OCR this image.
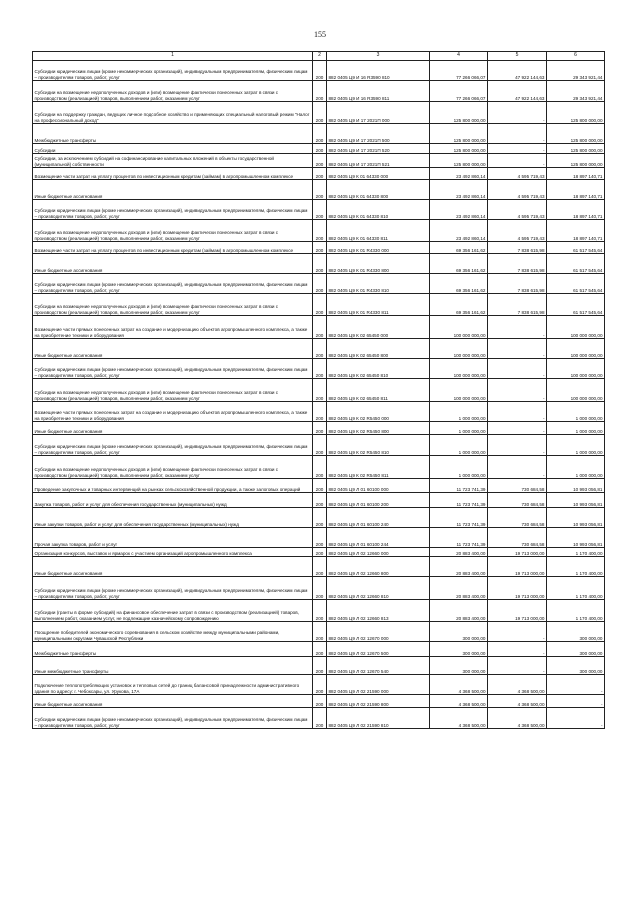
155
1	2	3	4	5	6
Субсидии юридическим лицам (кроме некоммерческих организаций), индивидуальным предпринимателям, физическим лицам – производителям товаров, работ, услуг	200	882 0405 Ц9 И 16 R3590 810	77 266 066,07	47 922 144,63	29 343 921,44
Субсидии на возмещение недополученных доходов и (или) возмещение фактически понесенных затрат в связи с производством (реализацией) товаров, выполнением работ, оказанием услуг	200	882 0405 Ц9 И 16 R3590 811	77 266 066,07	47 922 144,63	29 343 921,44
Субсидии на поддержку граждан, ведущих личное подсобное хозяйство и применяющих специальный налоговый режим "Налог на профессиональный доход"	200	882 0405 Ц9 И 17 2021П 000	125 800 000,00	-	125 800 000,00
Межбюджетные трансферты	200	882 0405 Ц9 И 17 2021П 500	125 800 000,00	-	125 800 000,00
Субсидии	200	882 0405 Ц9 И 17 2021П 520	125 800 000,00	-	125 800 000,00
Субсидии, за исключением субсидий на софинансирование капитальных вложений в объекты государственной (муниципальной) собственности	200	882 0405 Ц9 И 17 2021П 521	125 800 000,00	-	125 800 000,00
Возмещение части затрат на уплату процентов по инвестиционным кредитам (займам) в агропромышленном комплексе	200	882 0405 Ц9 К 01 64330 000	23 492 860,14	4 595 719,43	18 897 140,71
Иные бюджетные ассигнования	200	882 0405 Ц9 К 01 64330 800	23 492 860,14	4 595 719,43	18 897 140,71
Субсидии юридическим лицам (кроме некоммерческих организаций), индивидуальным предпринимателям, физическим лицам – производителям товаров, работ, услуг	200	882 0405 Ц9 К 01 64330 810	23 492 860,14	4 595 719,43	18 897 140,71
Субсидии на возмещение недополученных доходов и (или) возмещение фактически понесенных затрат в связи с производством (реализацией) товаров, выполнением работ, оказанием услуг	200	882 0405 Ц9 К 01 64330 811	23 492 860,14	4 595 719,43	18 897 140,71
Возмещение части затрат на уплату процентов по инвестиционным кредитам (займам) в агропромышленном комплексе	200	882 0405 Ц9 К 01 R4330 000	69 356 161,62	7 838 615,98	61 517 545,64
Иные бюджетные ассигнования	200	882 0405 Ц9 К 01 R4330 800	69 356 161,62	7 838 615,98	61 517 545,64
Субсидии юридическим лицам (кроме некоммерческих организаций), индивидуальным предпринимателям, физическим лицам – производителям товаров, работ, услуг	200	882 0405 Ц9 К 01 R4330 810	69 356 161,62	7 838 615,98	61 517 545,64
Субсидии на возмещение недополученных доходов и (или) возмещение фактически понесенных затрат в связи с производством (реализацией) товаров, выполнением работ, оказанием услуг	200	882 0405 Ц9 К 01 R4330 811	69 356 161,62	7 838 615,98	61 517 545,64
Возмещение части прямых понесенных затрат на создание и модернизацию объектов агропромышленного комплекса, а также на приобретение техники и оборудования	200	882 0405 Ц9 К 02 65450 000	100 000 000,00	-	100 000 000,00
Иные бюджетные ассигнования	200	882 0405 Ц9 К 02 65450 800	100 000 000,00	-	100 000 000,00
Субсидии юридическим лицам (кроме некоммерческих организаций), индивидуальным предпринимателям, физическим лицам – производителям товаров, работ, услуг	200	882 0405 Ц9 К 02 65450 810	100 000 000,00	-	100 000 000,00
Субсидии на возмещение недополученных доходов и (или) возмещение фактически понесенных затрат в связи с производством (реализацией) товаров, выполнением работ, оказанием услуг	200	882 0405 Ц9 К 02 65450 811	100 000 000,00	-	100 000 000,00
Возмещение части прямых понесенных затрат на создание и модернизацию объектов агропромышленного комплекса, а также на приобретение техники и оборудования	200	882 0405 Ц9 К 02 R5450 000	1 000 000,00	-	1 000 000,00
Иные бюджетные ассигнования	200	882 0405 Ц9 К 02 R5450 800	1 000 000,00	-	1 000 000,00
Субсидии юридическим лицам (кроме некоммерческих организаций), индивидуальным предпринимателям, физическим лицам – производителям товаров, работ, услуг	200	882 0405 Ц9 К 02 R5450 810	1 000 000,00	-	1 000 000,00
Субсидии на возмещение недополученных доходов и (или) возмещение фактически понесенных затрат в связи с производством (реализацией) товаров, выполнением работ, оказанием услуг	200	882 0405 Ц9 К 02 R5450 811	1 000 000,00	-	1 000 000,00
Проведение закупочных и товарных интервенций на рынках сельскохозяйственной продукции, а также залоговых операций	200	882 0405 Ц9 Л 01 60100 000	11 723 741,39	730 684,58	10 993 056,81
Закупка товаров, работ и услуг для обеспечения государственных (муниципальных) нужд	200	882 0405 Ц9 Л 01 60100 200	11 723 741,39	730 684,58	10 993 056,81
Иные закупки товаров, работ и услуг для обеспечения государственных (муниципальных) нужд	200	882 0405 Ц9 Л 01 60100 240	11 723 741,39	730 684,58	10 993 056,81
Прочая закупка товаров, работ и услуг	200	882 0405 Ц9 Л 01 60100 244	11 723 741,39	730 684,58	10 993 056,81
Организация конкурсов, выставок и ярмарок с участием организаций агропромышленного комплекса	200	882 0405 Ц9 Л 02 12660 000	20 883 400,00	19 713 000,00	1 170 400,00
Иные бюджетные ассигнования	200	882 0405 Ц9 Л 02 12660 800	20 883 400,00	19 713 000,00	1 170 400,00
Субсидии юридическим лицам (кроме некоммерческих организаций), индивидуальным предпринимателям, физическим лицам – производителям товаров, работ, услуг	200	882 0405 Ц9 Л 02 12660 810	20 883 400,00	19 713 000,00	1 170 400,00
Субсидии (гранты в форме субсидий) на финансовое обеспечение затрат в связи с производством (реализацией) товаров, выполнением работ, оказанием услуг, не подлежащие казначейскому сопровождению	200	882 0405 Ц9 Л 02 12660 813	20 883 400,00	19 713 000,00	1 170 400,00
Поощрение победителей экономического соревнования в сельском хозяйстве между муниципальными районами, муниципальными округами Чувашской Республики	200	882 0405 Ц9 Л 02 12670 000	300 000,00	-	300 000,00
Межбюджетные трансферты	200	882 0405 Ц9 Л 02 12670 500	300 000,00	-	300 000,00
Иные межбюджетные трансферты	200	882 0405 Ц9 Л 02 12670 540	300 000,00	-	300 000,00
Подключение теплопотребляющих установок и тепловых сетей до границ балансовой принадлежности административного здания по адресу: г. Чебоксары, ул. Урукова, 17А	200	882 0405 Ц9 Л 02 21590 000	4 368 500,00	4 368 500,00	-
Иные бюджетные ассигнования	200	882 0405 Ц9 Л 02 21590 800	4 368 500,00	4 368 500,00	-
Субсидии юридическим лицам (кроме некоммерческих организаций), индивидуальным предпринимателям, физическим лицам – производителям товаров, работ, услуг	200	882 0405 Ц9 Л 02 21590 810	4 368 500,00	4 368 500,00	-
